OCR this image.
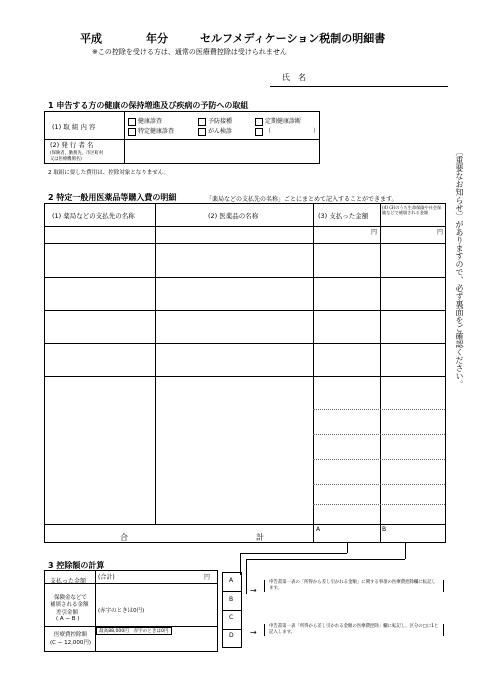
平成	年分	セルフメディケーション税制の明細書
※この控除を受ける方は、通常の医療費控除は受けられません
氏　名
1 申告する方の健康の保持増進及び疾病の予防への取組
(1) 取 組 内 容
(2) 発 行 者 名
(保険者、勤務先、市区町村
又は医療機関名)
健康診査	予防接種	定期健康診断
特定健康診査	がん検診	（　　　　　　　）
2 取組に要した費用は、控除対象となりません。
2 特定一般用医薬品等購入費の明細	「薬局などの支払先の名称」ごとにまとめて記入することができます。
(1) 薬局などの支払先の名称	(2) 医薬品の名称	(3) 支払った金額
(4) (3)のうち生命保険や社会保険などで補填される金額
円	円
合	計
A	B
〔重要なお知らせ〕がありますので、必ず裏面をご確認ください。
3 控除額の計算
支払った金額
(合計)	円
保険金などで
補填される金額
差引金額
( A − B )
(赤字のときは0円)
医療費控除額
(C − 12,000円)
最高88,000円　赤字のときは0円
A
B
C
D
→
申告書第一表の「所得から差し引かれる金額」に関する事項の医療費控除欄に転記します。
→
申告書第一表「所得から差し引かれる金額の医療費控除」欄に転記し、区分の□に1と記入します。
